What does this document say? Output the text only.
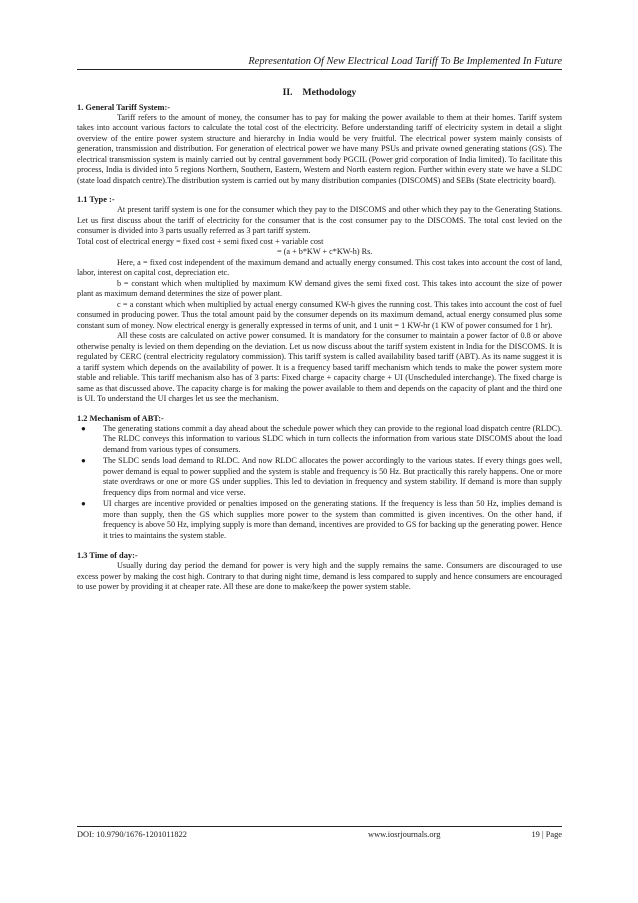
Representation Of New Electrical Load Tariff To Be Implemented In Future
II. Methodology
1. General Tariff System:-

Tariff refers to the amount of money, the consumer has to pay for making the power available to them at their homes. Tariff system takes into account various factors to calculate the total cost of the electricity. Before understanding tariff of electricity system in detail a slight overview of the entire power system structure and hierarchy in India would be very fruitful. The electrical power system mainly consists of generation, transmission and distribution. For generation of electrical power we have many PSUs and private owned generating stations (GS). The electrical transmission system is mainly carried out by central government body PGCIL (Power grid corporation of India limited). To facilitate this process, India is divided into 5 regions Northern, Southern, Eastern, Western and North eastern region. Further within every state we have a SLDC (state load dispatch centre).The distribution system is carried out by many distribution companies (DISCOMS) and SEBs (State electricity board).

1.1 Type :-

At present tariff system is one for the consumer which they pay to the DISCOMS and other which they pay to the Generating Stations. Let us first discuss about the tariff of electricity for the consumer that is the cost consumer pay to the DISCOMS. The total cost levied on the consumer is divided into 3 parts usually referred as 3 part tariff system.

Total cost of electrical energy = fixed cost + semi fixed cost + variable cost

= (a + b*KW + c*KW-h) Rs.

Here, a = fixed cost independent of the maximum demand and actually energy consumed. This cost takes into account the cost of land, labor, interest on capital cost, depreciation etc.

b = constant which when multiplied by maximum KW demand gives the semi fixed cost. This takes into account the size of power plant as maximum demand determines the size of power plant.

c = a constant which when multiplied by actual energy consumed KW-h gives the running cost. This takes into account the cost of fuel consumed in producing power. Thus the total amount paid by the consumer depends on its maximum demand, actual energy consumed plus some constant sum of money. Now electrical energy is generally expressed in terms of unit, and 1 unit = 1 KW-hr (1 KW of power consumed for 1 hr).

All these costs are calculated on active power consumed. It is mandatory for the consumer to maintain a power factor of 0.8 or above otherwise penalty is levied on them depending on the deviation. Let us now discuss about the tariff system existent in India for the DISCOMS. It is regulated by CERC (central electricity regulatory commission). This tariff system is called availability based tariff (ABT). As its name suggest it is a tariff system which depends on the availability of power. It is a frequency based tariff mechanism which tends to make the power system more stable and reliable. This tariff mechanism also has of 3 parts: Fixed charge + capacity charge + UI (Unscheduled interchange). The fixed charge is same as that discussed above. The capacity charge is for making the power available to them and depends on the capacity of plant and the third one is UI. To understand the UI charges let us see the mechanism.

1.2 Mechanism of ABT:-
● The generating stations commit a day ahead about the schedule power which they can provide to the regional load dispatch centre (RLDC). The RLDC conveys this information to various SLDC which in turn collects the information from various state DISCOMS about the load demand from various types of consumers.
● The SLDC sends load demand to RLDC. And now RLDC allocates the power accordingly to the various states. If every things goes well, power demand is equal to power supplied and the system is stable and frequency is 50 Hz. But practically this rarely happens. One or more state overdraws or one or more GS under supplies. This led to deviation in frequency and system stability. If demand is more than supply frequency dips from normal and vice verse.
● UI charges are incentive provided or penalties imposed on the generating stations. If the frequency is less than 50 Hz, implies demand is more than supply, then the GS which supplies more power to the system than committed is given incentives. On the other hand, if frequency is above 50 Hz, implying supply is more than demand, incentives are provided to GS for backing up the generating power. Hence it tries to maintains the system stable.
1.3 Time of day:-

Usually during day period the demand for power is very high and the supply remains the same. Consumers are discouraged to use excess power by making the cost high. Contrary to that during night time, demand is less compared to supply and hence consumers are encouraged to use power by providing it at cheaper rate. All these are done to make/keep the power system stable.

DOI: 10.9790/1676-1201011822	www.iosrjournals.org	19 | Page
